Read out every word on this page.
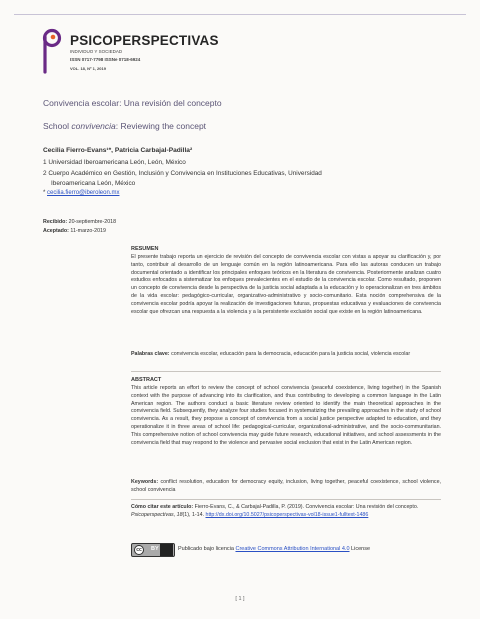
PSICOPERSPECTIVAS
INDIVIDUO Y SOCIEDAD
ISSN 0717-7798 ISSNe 0718-6924
VOL. 18, Nº 1, 2019
Convivencia escolar: Una revisión del concepto
School convivencia: Reviewing the concept
Cecilia Fierro-Evans¹*, Patricia Carbajal-Padilla²
1 Universidad Iberoamericana León, León, México
2 Cuerpo Académico en Gestión, Inclusión y Convivencia en Instituciones Educativas, Universidad
Iberoamericana León, México
* cecilia.fierro@iberoleon.mx
Recibido: 20-septiembre-2018
Aceptado: 11-marzo-2019
RESUMEN
El presente trabajo reporta un ejercicio de revisión del concepto de convivencia escolar con vistas a apoyar su clarificación y, por tanto, contribuir al desarrollo de un lenguaje común en la región latinoamericana. Para ello las autoras conducen un trabajo documental orientado a identificar los principales enfoques teóricos en la literatura de convivencia. Posteriormente analizan cuatro estudios enfocados a sistematizar los enfoques prevalecientes en el estudio de la convivencia escolar. Como resultado, proponen un concepto de convivencia desde la perspectiva de la justicia social adaptada a la educación y lo operacionalizan en tres ámbitos de la vida escolar: pedagógico-curricular, organizativo-administrativo y socio-comunitario. Esta noción comprehensiva de la convivencia escolar podría apoyar la realización de investigaciones futuras, propuestas educativas y evaluaciones de convivencia escolar que ofrezcan una respuesta a la violencia y a la persistente exclusión social que existe en la región latinoamericana.
Palabras clave: convivencia escolar, educación para la democracia, educación para la justicia social, violencia escolar
ABSTRACT
This article reports an effort to review the concept of school convivencia (peaceful coexistence, living together) in the Spanish context with the purpose of advancing into its clarification, and thus contributing to developing a common language in the Latin American region. The authors conduct a basic literature review oriented to identify the main theoretical approaches in the convivencia field. Subsequently, they analyze four studies focused in systematizing the prevailing approaches in the study of school convivencia. As a result, they propose a concept of convivencia from a social justice perspective adapted to education, and they operationalize it in three areas of school life: pedagogical-curricular, organizational-administrative, and the socio-communitarian. This comprehensive notion of school convivencia may guide future research, educational initiatives, and school assessments in the convivencia field that may respond to the violence and pervasive social exclusion that exist in the Latin American region.
Keywords: conflict resolution, education for democracy equity, inclusion, living together, peaceful coexistence, school violence, school convivencia
Cómo citar este artículo: Fierro-Evans, C., & Carbajal-Padilla, P. (2019). Convivencia escolar: Una revisión del concepto. Psicoperspectivas, 18(1), 1-14. http://dx.doi.org/10.5027/psicoperspectivas-vol18-issue1-fulltext-1486
cc	BY	Publicado bajo licencia Creative Commons Attribution International 4.0 License
[ 1 ]
